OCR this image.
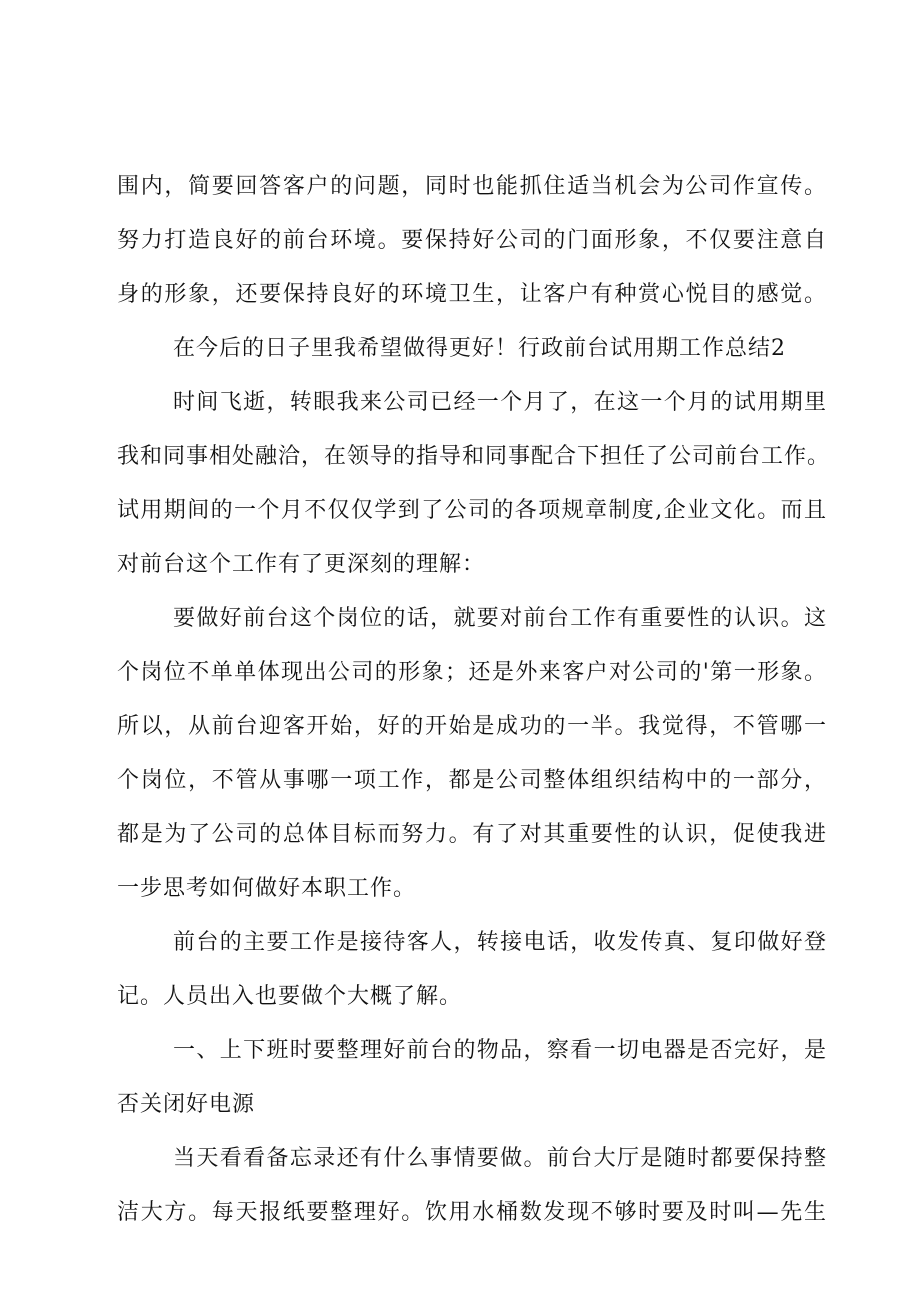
围内，简要回答客户的问题，同时也能抓住适当机会为公司作宣传。
努力打造良好的前台环境。要保持好公司的门面形象，不仅要注意自
身的形象，还要保持良好的环境卫生，让客户有种赏心悦目的感觉。
在今后的日子里我希望做得更好！行政前台试用期工作总结2
时间飞逝，转眼我来公司已经一个月了，在这一个月的试用期里
我和同事相处融洽，在领导的指导和同事配合下担任了公司前台工作。
试用期间的一个月不仅仅学到了公司的各项规章制度,企业文化。而且
对前台这个工作有了更深刻的理解：
要做好前台这个岗位的话，就要对前台工作有重要性的认识。这
个岗位不单单体现出公司的形象；还是外来客户对公司的'第一形象。
所以，从前台迎客开始，好的开始是成功的一半。我觉得，不管哪一
个岗位，不管从事哪一项工作，都是公司整体组织结构中的一部分，
都是为了公司的总体目标而努力。有了对其重要性的认识，促使我进
一步思考如何做好本职工作。
前台的主要工作是接待客人，转接电话，收发传真、复印做好登
记。人员出入也要做个大概了解。
一、上下班时要整理好前台的物品，察看一切电器是否完好，是
否关闭好电源
当天看看备忘录还有什么事情要做。前台大厅是随时都要保持整
洁大方。每天报纸要整理好。饮用水桶数发现不够时要及时叫—先生
